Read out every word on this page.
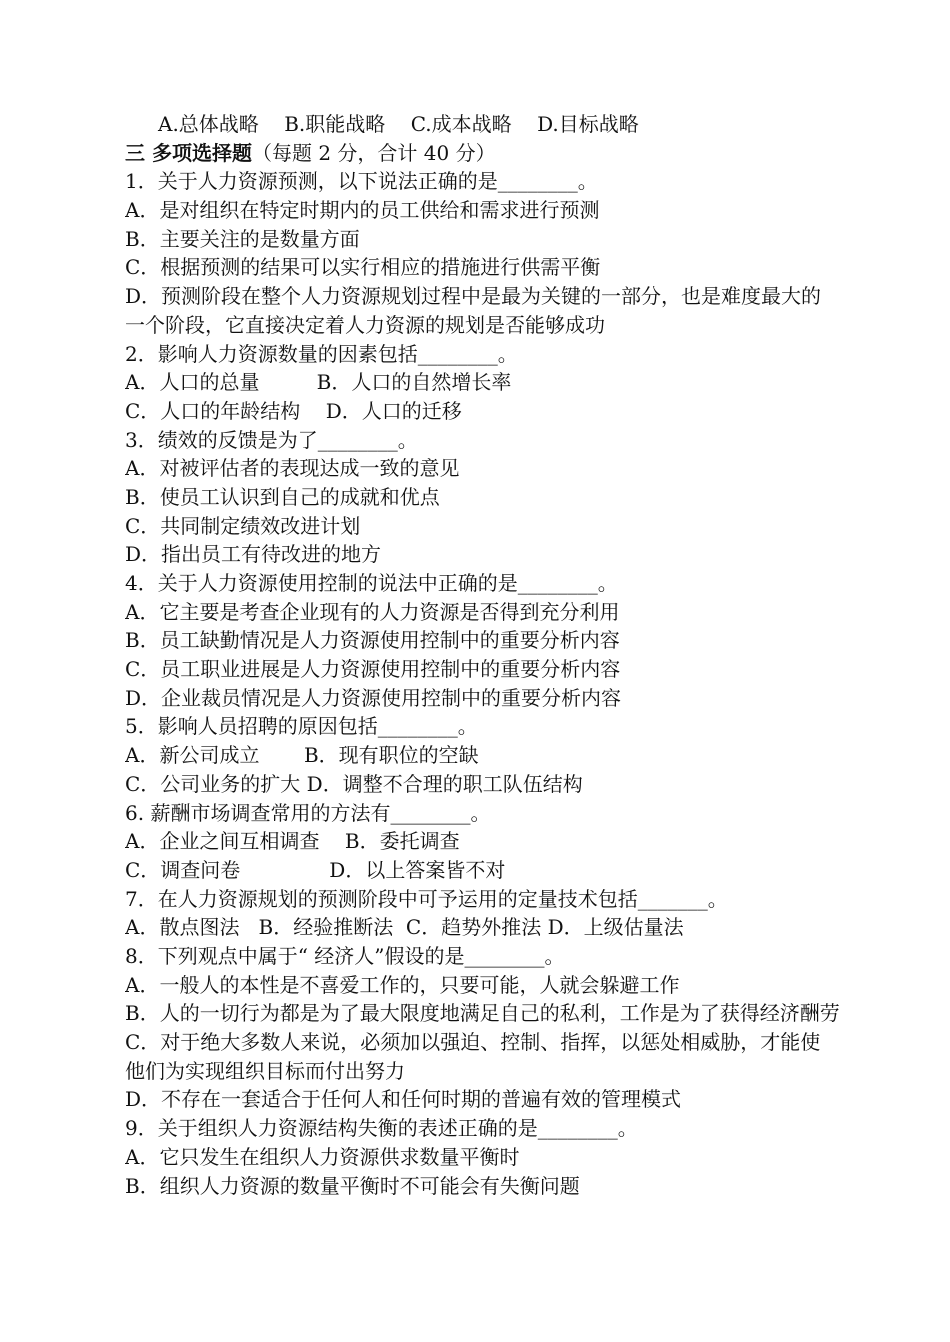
A.总体战略    B.职能战略    C.成本战略    D.目标战略
三 多项选择题（每题 2 分，合计 40 分）
1．关于人力资源预测，以下说法正确的是________。
A．是对组织在特定时期内的员工供给和需求进行预测
B．主要关注的是数量方面
C．根据预测的结果可以实行相应的措施进行供需平衡
D．预测阶段在整个人力资源规划过程中是最为关键的一部分，也是难度最大的一个阶段，它直接决定着人力资源的规划是否能够成功
2．影响人力资源数量的因素包括________。
A．人口的总量         B．人口的自然增长率
C．人口的年龄结构    D．人口的迁移
3．绩效的反馈是为了________。
A．对被评估者的表现达成一致的意见
B．使员工认识到自己的成就和优点
C．共同制定绩效改进计划
D．指出员工有待改进的地方
4．关于人力资源使用控制的说法中正确的是________。
A．它主要是考查企业现有的人力资源是否得到充分利用
B．员工缺勤情况是人力资源使用控制中的重要分析内容
C．员工职业进展是人力资源使用控制中的重要分析内容
D．企业裁员情况是人力资源使用控制中的重要分析内容
5．影响人员招聘的原因包括________。
A．新公司成立       B．现有职位的空缺
C．公司业务的扩大 D．调整不合理的职工队伍结构
6. 薪酬市场调查常用的方法有________。
A．企业之间互相调查    B．委托调查
C．调查问卷              D．以上答案皆不对
7．在人力资源规划的预测阶段中可予运用的定量技术包括_______。
A．散点图法   B．经验推断法  C．趋势外推法 D．上级估量法
8．下列观点中属于“ 经济人”假设的是________。
A．一般人的本性是不喜爱工作的，只要可能，人就会躲避工作
B．人的一切行为都是为了最大限度地满足自己的私利，工作是为了获得经济酬劳
C．对于绝大多数人来说，必须加以强迫、控制、指挥，以惩处相威胁，才能使他们为实现组织目标而付出努力
D．不存在一套适合于任何人和任何时期的普遍有效的管理模式
9．关于组织人力资源结构失衡的表述正确的是________。
A．它只发生在组织人力资源供求数量平衡时
B．组织人力资源的数量平衡时不可能会有失衡问题
